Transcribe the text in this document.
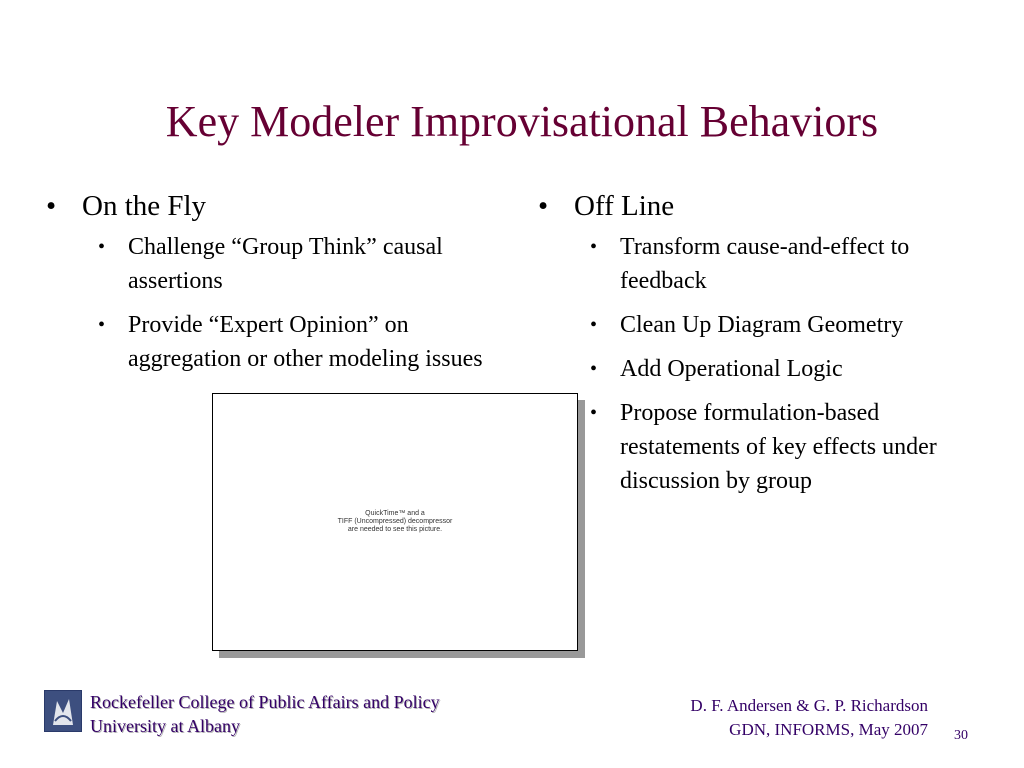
Key Modeler Improvisational Behaviors
• On the Fly
• Challenge “Group Think” causal assertions
• Provide “Expert Opinion” on aggregation or other modeling issues
• Off Line
• Transform cause-and-effect to feedback
• Clean Up Diagram Geometry
• Add Operational Logic
• Propose formulation-based restatements of key effects under discussion by group
QuickTime™ and a
TIFF (Uncompressed) decompressor
are needed to see this picture.
Rockefeller College of Public Affairs and Policy
University at Albany
D. F. Andersen & G. P. Richardson
GDN, INFORMS, May 2007 30
